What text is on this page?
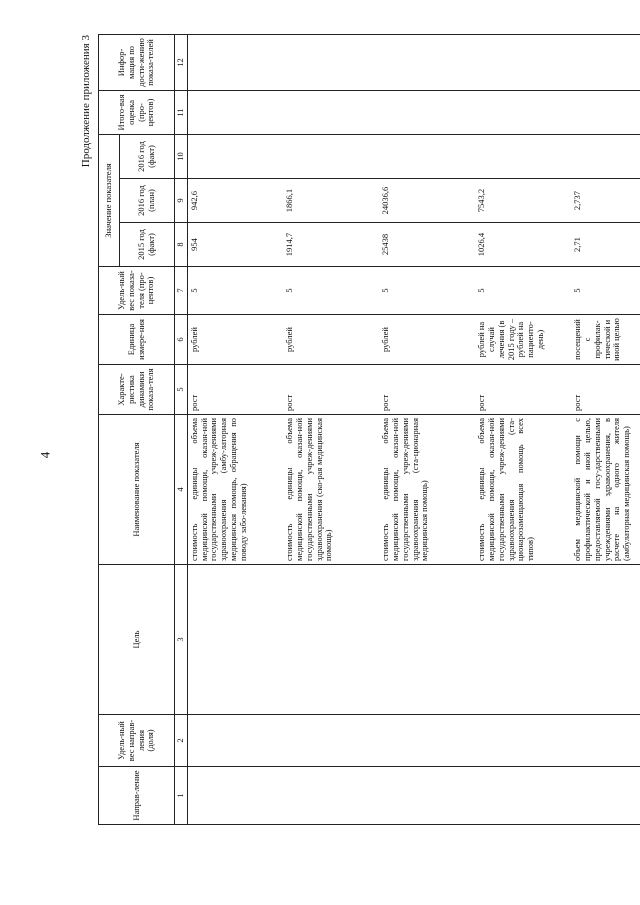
4
Продолжение приложения 3
Направ-ление	Удель-ный вес направ-ления (доля)	Цель	Наименование показателя	Характе-ристика динамики показа-теля	Единица измере-ния	Удель-ный вес показа-теля (про-центов)	Значение показателя			Итого-вая оценка (про-центов)	Инфор-мация по дости-жению показа-телей
							2015 год (факт)	2016 год (план)	2016 год (факт)		
1	2	3	4	5	6	7	8	9	10	11	12
			стоимость единицы объема медицинской помощи, оказан-ной государственными учреж-дениями здравоохранения (амбу-латорная медицинская помощь, обращения по поводу забо-левания)	рост	рублей	5	954	942,6			
			стоимость единицы объема медицинской помощи, оказан-ной государственными учреж-дениями здравоохранения (ско-рая медицинская помощь)	рост	рублей	5	1914,7	1866,1			
			стоимость единицы объема медицинской помощи, оказан-ной государственными учреж-дениями здравоохранения (ста-ционарная медицинская помощь)	рост	рублей	5	25438	24036,6			
			стоимость единицы объема медицинской помощи, оказан-ной государственными учреж-дениями здравоохранения (ста-ционарозамещающая помощь всех типов)	рост	рублей на случай лечения (в 2015 году – рублей на пациенто-день)	5	1026,4	7543,2			
			объем медицинской помощи с профилактической и иной целью, предоставляемой госу-дарственными учреждениями здравоохранения, в расчете на одного жителя (амбулаторная медицинская помощь)	рост	посещений с профилак-тической и иной целью	5	2,71	2,737			
